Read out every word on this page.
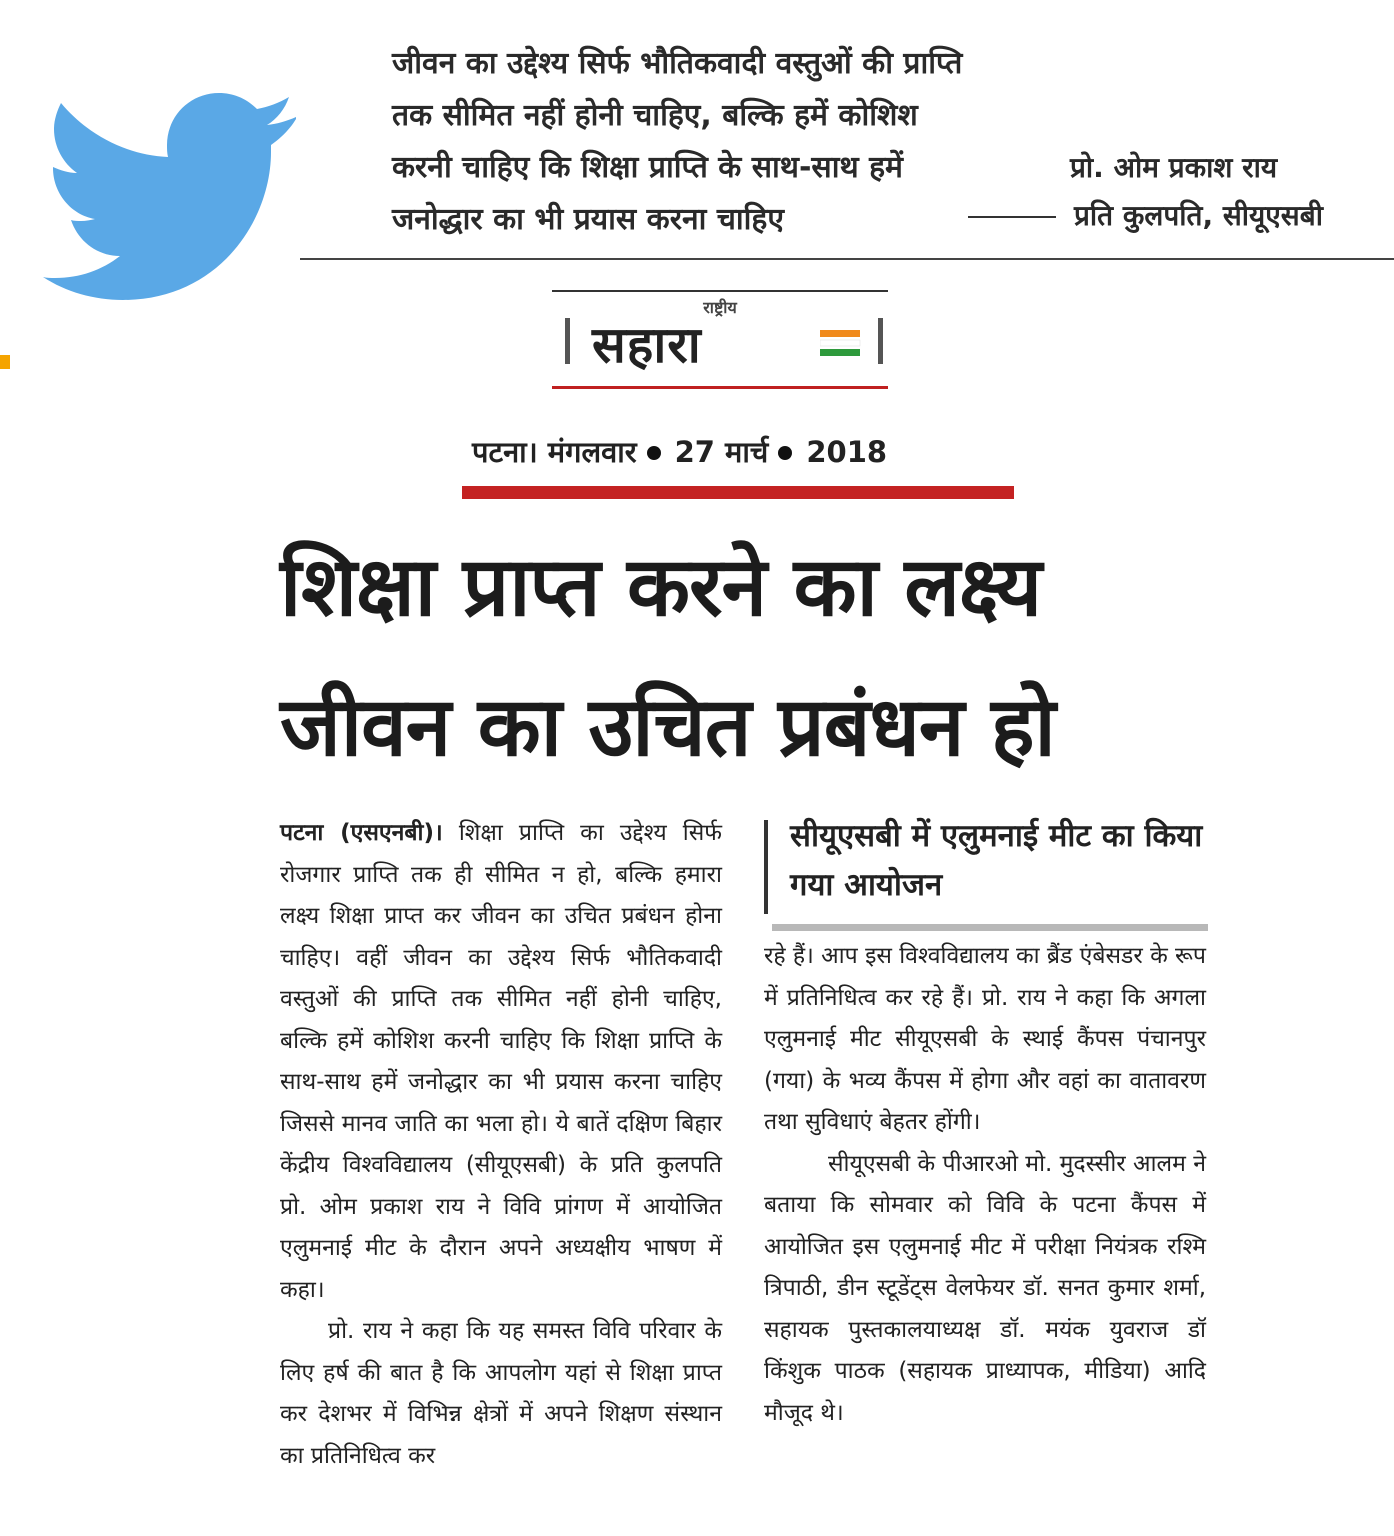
जीवन का उद्देश्य सिर्फ भौतिकवादी वस्तुओं की प्राप्ति
तक सीमित नहीं होनी चाहिए, बल्कि हमें कोशिश
करनी चाहिए कि शिक्षा प्राप्ति के साथ-साथ हमें
जनोद्धार का भी प्रयास करना चाहिए
प्रो. ओम प्रकाश राय
प्रति कुलपति, सीयूएसबी
राष्ट्रीय
सहारा
पटना। मंगलवार 27 मार्च 2018
शिक्षा प्राप्त करने का लक्ष्य
जीवन का उचित प्रबंधन हो

पटना (एसएनबी)। शिक्षा प्राप्ति का उद्देश्य सिर्फ रोजगार प्राप्ति तक ही सीमित न हो, बल्कि हमारा लक्ष्य शिक्षा प्राप्त कर जीवन का उचित प्रबंधन होना चाहिए। वहीं जीवन का उद्देश्य सिर्फ भौतिकवादी वस्तुओं की प्राप्ति तक सीमित नहीं होनी चाहिए, बल्कि हमें कोशिश करनी चाहिए कि शिक्षा प्राप्ति के साथ-साथ हमें जनोद्धार का भी प्रयास करना चाहिए जिससे मानव जाति का भला हो। ये बातें दक्षिण बिहार केंद्रीय विश्वविद्यालय (सीयूएसबी) के प्रति कुलपति प्रो. ओम प्रकाश राय ने विवि प्रांगण में आयोजित एलुमनाई मीट के दौरान अपने अध्यक्षीय भाषण में कहा।

प्रो. राय ने कहा कि यह समस्त विवि परिवार के लिए हर्ष की बात है कि आपलोग यहां से शिक्षा प्राप्त कर देशभर में विभिन्न क्षेत्रों में अपने शिक्षण संस्थान का प्रतिनिधित्व कर

सीयूएसबी में एलुमनाई मीट का किया गया आयोजन

रहे हैं। आप इस विश्वविद्यालय का ब्रैंड एंबेसडर के रूप में प्रतिनिधित्व कर रहे हैं। प्रो. राय ने कहा कि अगला एलुमनाई मीट सीयूएसबी के स्थाई कैंपस पंचानपुर (गया) के भव्य कैंपस में होगा और वहां का वातावरण तथा सुविधाएं बेहतर होंगी।

सीयूएसबी के पीआरओ मो. मुदस्सीर आलम ने बताया कि सोमवार को विवि के पटना कैंपस में आयोजित इस एलुमनाई मीट में परीक्षा नियंत्रक रश्मि त्रिपाठी, डीन स्टूडेंट्स वेलफेयर डॉ. सनत कुमार शर्मा, सहायक पुस्तकालयाध्यक्ष डॉ. मयंक युवराज डॉ किंशुक पाठक (सहायक प्राध्यापक, मीडिया) आदि मौजूद थे।
